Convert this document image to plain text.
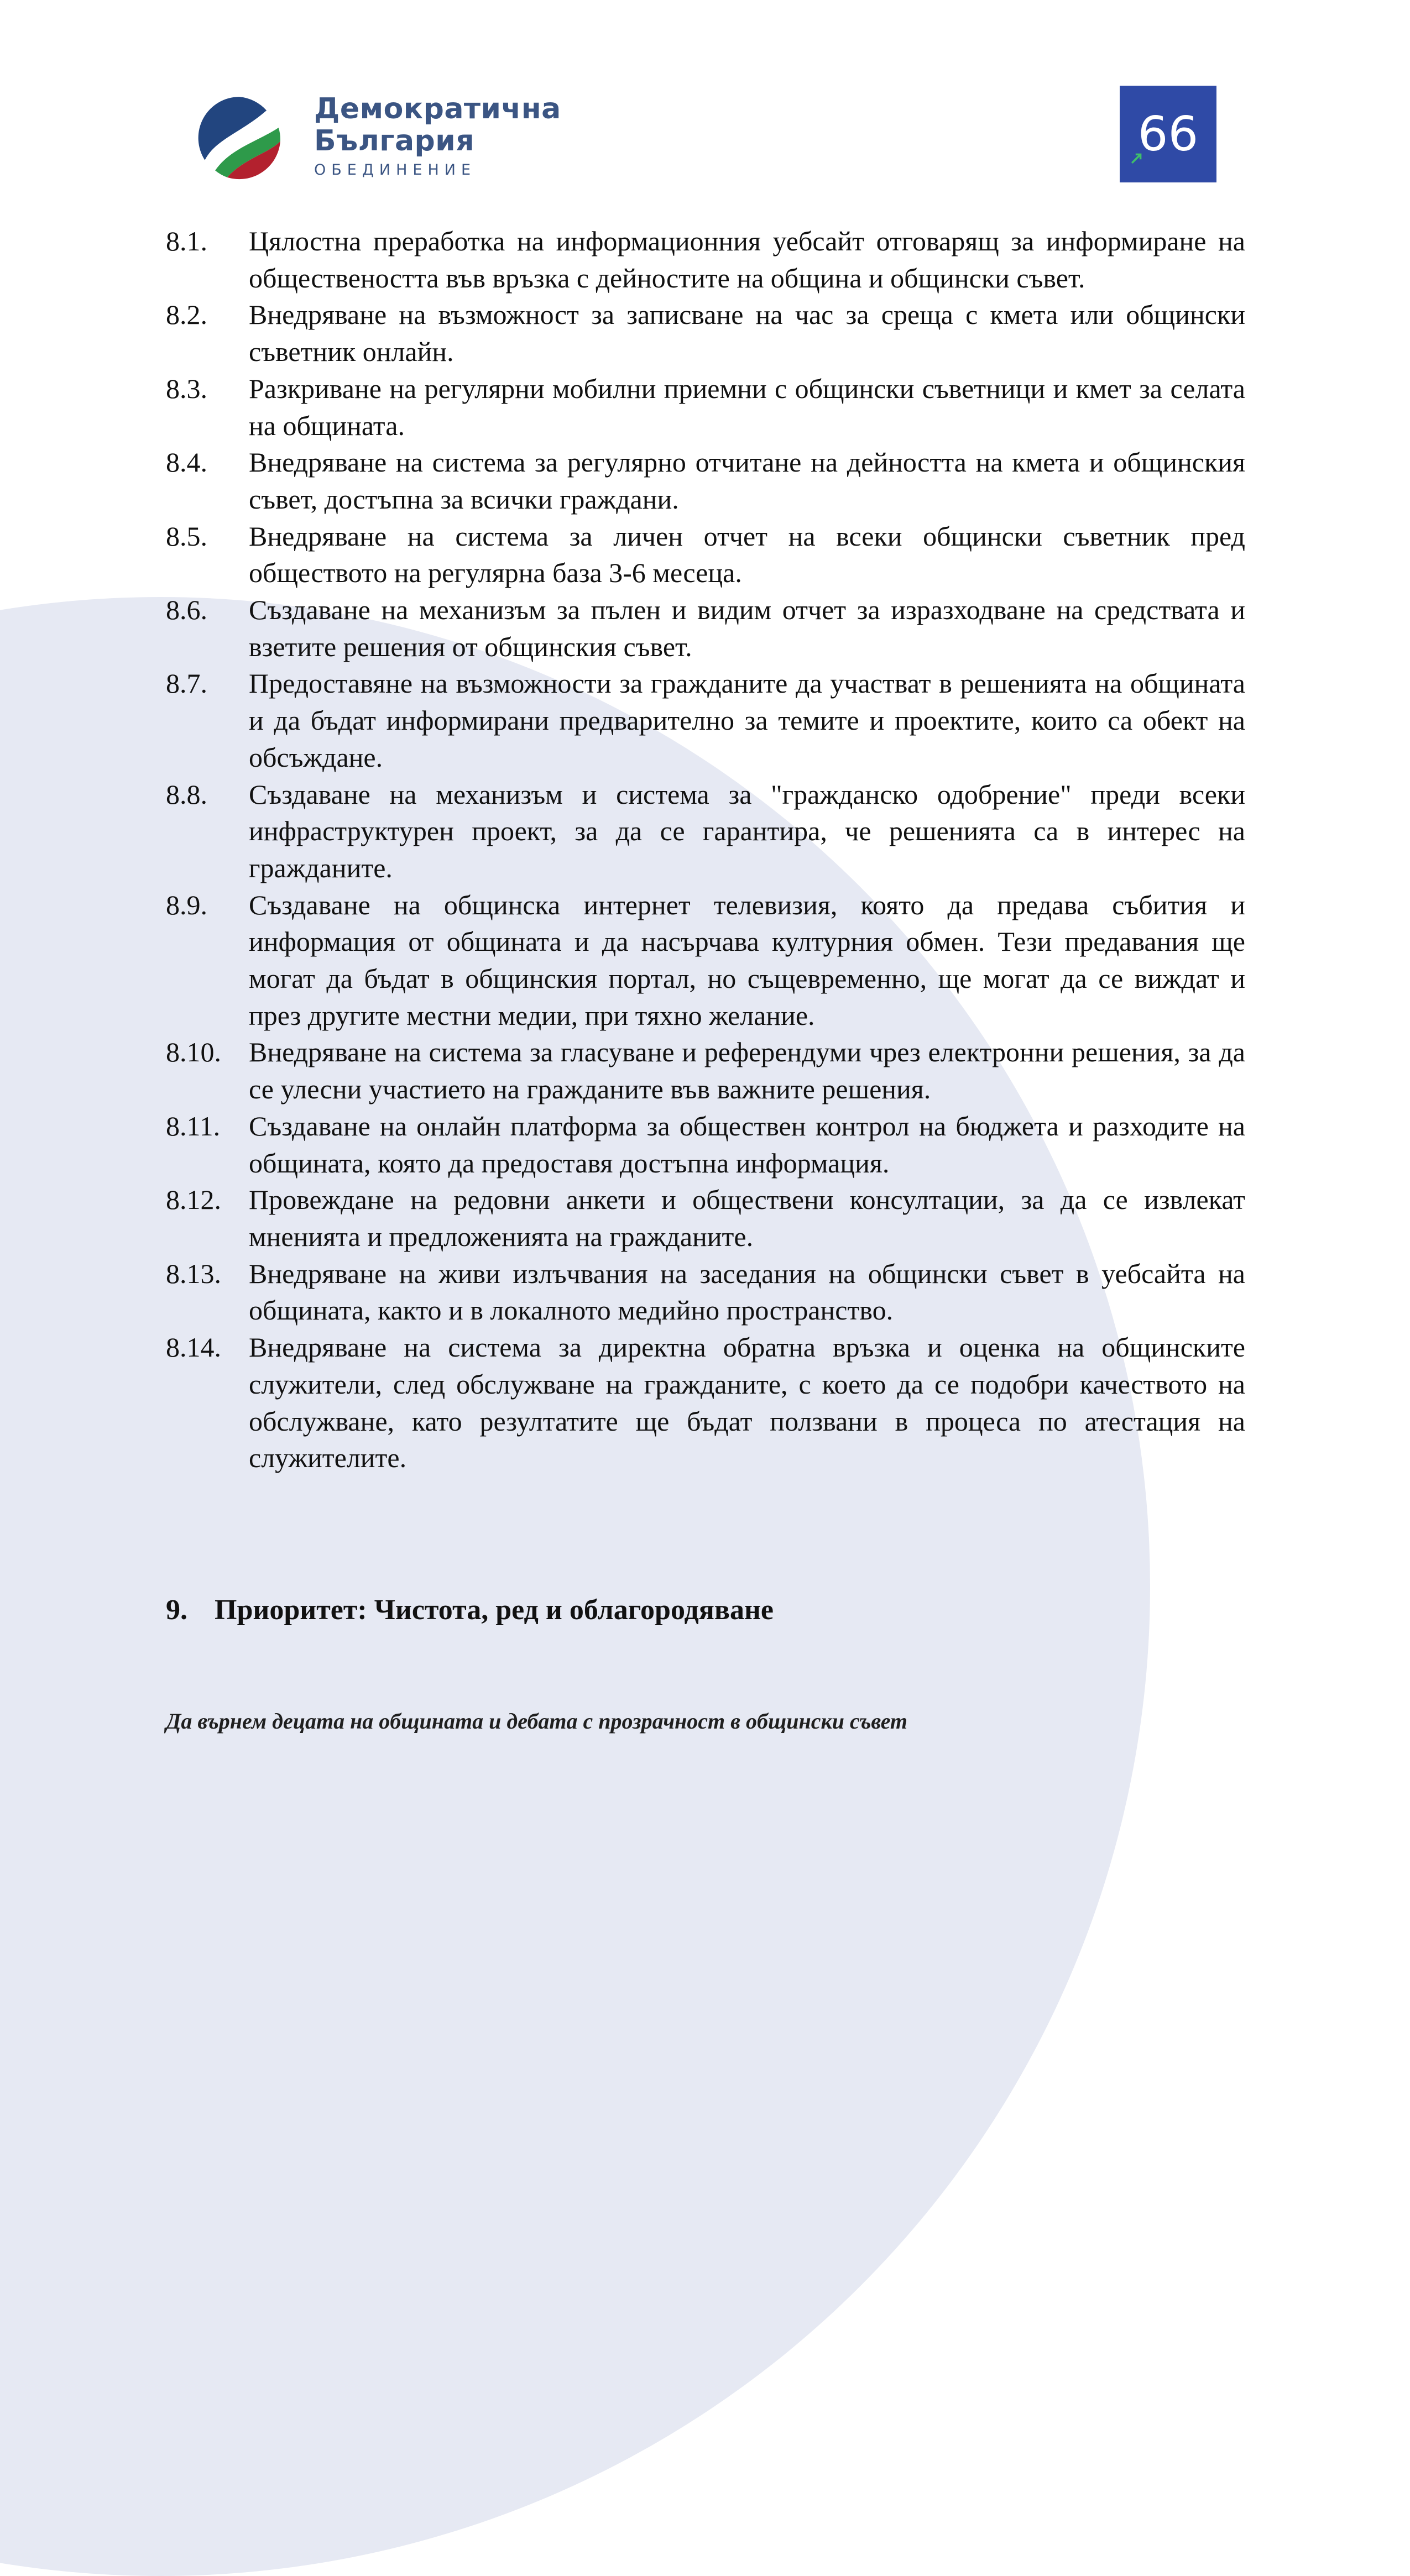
Демократична
България
ОБЕДИНЕНИЕ
66
8.1.	Цялостна преработка на информационния уебсайт отговарящ за информиране на обществеността във връзка с дейностите на община и общински съвет.
8.2.	Внедряване на възможност за записване на час за среща с кмета или общински съветник онлайн.
8.3.	Разкриване на регулярни мобилни приемни с общински съветници и кмет за селата на общината.
8.4.	Внедряване на система за регулярно отчитане на дейността на кмета и общинския съвет, достъпна за всички граждани.
8.5.	Внедряване на система за личен отчет на всеки общински съветник пред обществото на регулярна база 3-6 месеца.
8.6.	Създаване на механизъм за пълен и видим отчет за изразходване на средствата и взетите решения от общинския съвет.
8.7.	Предоставяне на възможности за гражданите да участват в решенията на общината и да бъдат информирани предварително за темите и проектите, които са обект на обсъждане.
8.8.	Създаване на механизъм и система за "гражданско одобрение" преди всеки инфраструктурен проект, за да се гарантира, че решенията са в интерес на гражданите.
8.9.	Създаване на общинска интернет телевизия, която да предава събития и информация от общината и да насърчава културния обмен. Тези предавания ще могат да бъдат в общинския портал, но същевременно, ще могат да се виждат и през другите местни медии, при тяхно желание.
8.10.	Внедряване на система за гласуване и референдуми чрез електронни решения, за да се улесни участието на гражданите във важните решения.
8.11.	Създаване на онлайн платформа за обществен контрол на бюджета и разходите на общината, която да предоставя достъпна информация.
8.12.	Провеждане на редовни анкети и обществени консултации, за да се извлекат мненията и предложенията на гражданите.
8.13.	Внедряване на живи излъчвания на заседания на общински съвет в уебсайта на общината, както и в локалното медийно пространство.
8.14.	Внедряване на система за директна обратна връзка и оценка на общинските служители, след обслужване на гражданите, с което да се подобри качеството на обслужване, като резултатите ще бъдат ползвани в процеса по атестация на служителите.
9. Приоритет: Чистота, ред и облагородяване
Да върнем децата на общината и дебата с прозрачност в общински съвет
